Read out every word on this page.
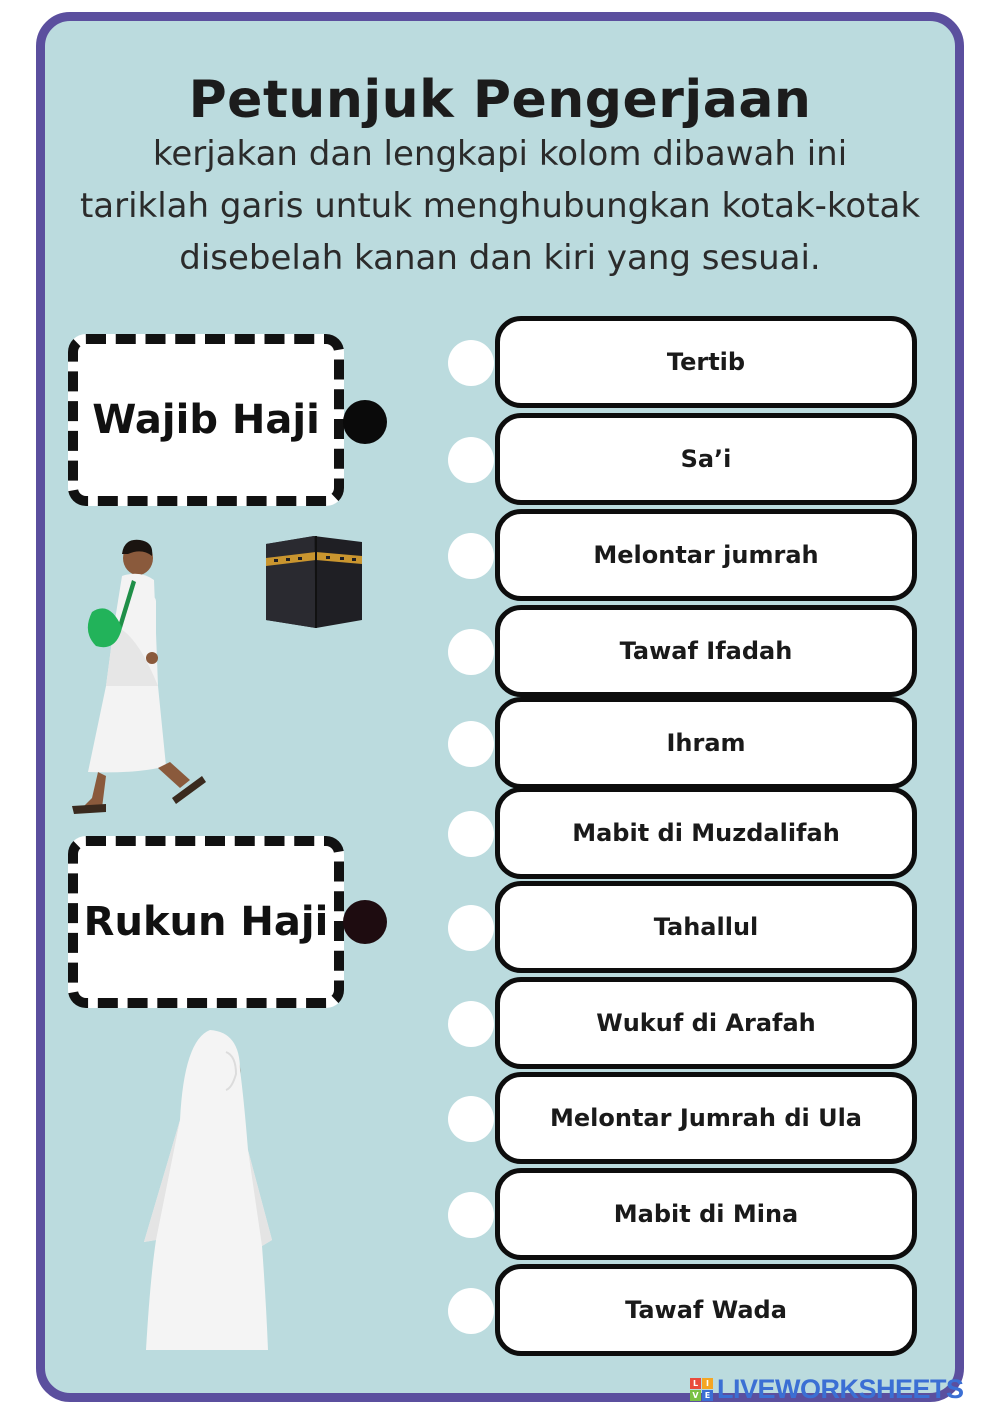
Petunjuk Pengerjaan
kerjakan dan lengkapi kolom dibawah ini
tariklah garis untuk menghubungkan kotak-kotak
disebelah kanan dan kiri yang sesuai.
Wajib Haji
Rukun Haji
Tertib
Sa’i
Melontar jumrah
Tawaf Ifadah
Ihram
Mabit di Muzdalifah
Tahallul
Wukuf di Arafah
Melontar Jumrah di Ula
Mabit di Mina
Tawaf Wada
L I
V E LIVEWORKSHEETS
